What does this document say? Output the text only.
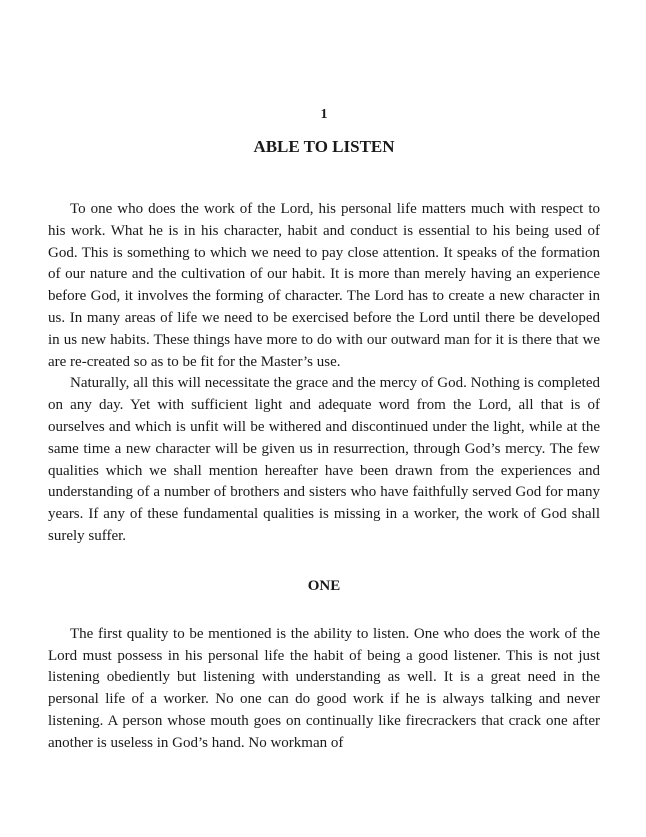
1

ABLE TO LISTEN

To one who does the work of the Lord, his personal life matters much with respect to his work. What he is in his character, habit and conduct is essential to his being used of God. This is something to which we need to pay close attention. It speaks of the formation of our nature and the cultivation of our habit. It is more than merely having an experience before God, it involves the forming of character. The Lord has to create a new character in us. In many areas of life we need to be exercised before the Lord until there be developed in us new habits. These things have more to do with our outward man for it is there that we are re-created so as to be fit for the Master’s use.

Naturally, all this will necessitate the grace and the mercy of God. Nothing is completed on any day. Yet with sufficient light and adequate word from the Lord, all that is of ourselves and which is unfit will be withered and discontinued under the light, while at the same time a new character will be given us in resurrection, through God’s mercy. The few qualities which we shall mention hereafter have been drawn from the experiences and understanding of a number of brothers and sisters who have faithfully served God for many years. If any of these fundamental qualities is missing in a worker, the work of God shall surely suffer.

ONE

The first quality to be mentioned is the ability to listen. One who does the work of the Lord must possess in his personal life the habit of being a good listener. This is not just listening obediently but listening with understanding as well. It is a great need in the personal life of a worker. No one can do good work if he is always talking and never listening. A person whose mouth goes on continually like firecrackers that crack one after another is useless in God’s hand. No workman of
